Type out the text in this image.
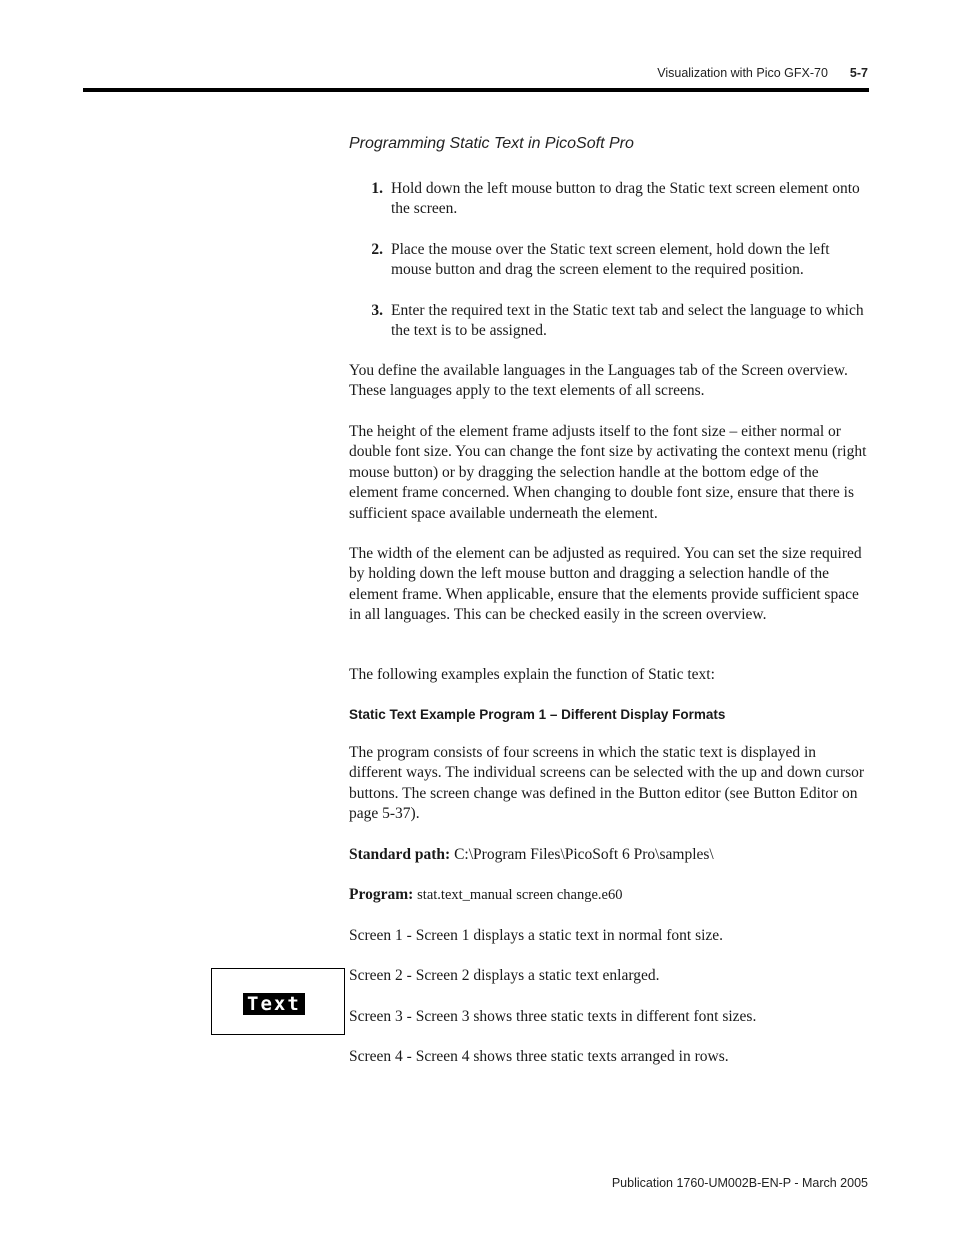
Visualization with Pico GFX-70 5-7
Programming Static Text in PicoSoft Pro
1. Hold down the left mouse button to drag the Static text screen element onto the screen.
2. Place the mouse over the Static text screen element, hold down the left mouse button and drag the screen element to the required position.
3. Enter the required text in the Static text tab and select the language to which the text is to be assigned.
You define the available languages in the Languages tab of the Screen overview. These languages apply to the text elements of all screens.
The height of the element frame adjusts itself to the font size – either normal or double font size. You can change the font size by activating the context menu (right mouse button) or by dragging the selection handle at the bottom edge of the element frame concerned. When changing to double font size, ensure that there is sufficient space available underneath the element.
The width of the element can be adjusted as required. You can set the size required by holding down the left mouse button and dragging a selection handle of the element frame. When applicable, ensure that the elements provide sufficient space in all languages. This can be checked easily in the screen overview.
The following examples explain the function of Static text:
Static Text Example Program 1 – Different Display Formats
The program consists of four screens in which the static text is displayed in different ways. The individual screens can be selected with the up and down cursor buttons. The screen change was defined in the Button editor (see Button Editor on page 5-37).
Standard path: C:\Program Files\PicoSoft 6 Pro\samples\
Program: stat.text_manual screen change.e60
Screen 1 - Screen 1 displays a static text in normal font size.
Screen 2 - Screen 2 displays a static text enlarged.
Screen 3 - Screen 3 shows three static texts in different font sizes.
Screen 4 - Screen 4 shows three static texts arranged in rows.
Text
Publication 1760-UM002B-EN-P - March 2005
